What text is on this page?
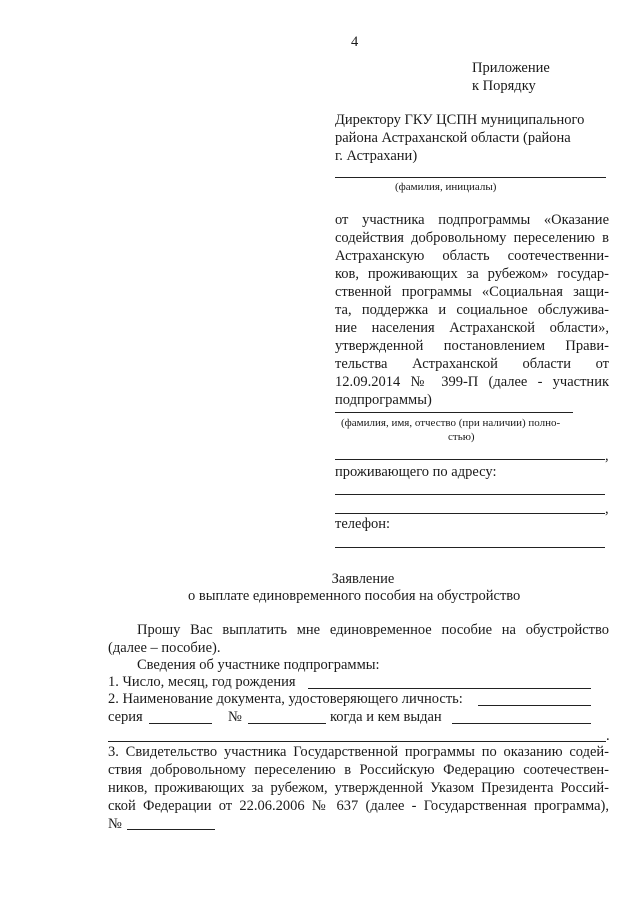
4
Приложение
к Порядку
Директору ГКУ ЦСПН муниципального
района Астраханской области (района
г. Астрахани)
(фамилия, инициалы)
от участника подпрограммы «Оказание
содействия добровольному переселению в
Астраханскую область соотечественни-
ков, проживающих за рубежом» государ-
ственной программы «Социальная защи-
та, поддержка и социальное обслужива-
ние населения Астраханской области»,
утвержденной постановлением Прави-
тельства Астраханской области от
12.09.2014 № 399-П (далее - участник
подпрограммы)
(фамилия, имя, отчество (при наличии) полно-
стью)
,
проживающего по адресу:
,
телефон:
Заявление
о выплате единовременного пособия на обустройство
Прошу Вас выплатить мне единовременное пособие на обустройство
(далее – пособие).
Сведения об участнике подпрограммы:
1. Число, месяц, год рождения
2. Наименование документа, удостоверяющего личность:
серия	№	когда и кем выдан
.
3. Свидетельство участника Государственной программы по оказанию содей-
ствия добровольному переселению в Российскую Федерацию соотечествен-
ников, проживающих за рубежом, утвержденной Указом Президента Россий-
ской Федерации от 22.06.2006 № 637 (далее - Государственная программа),
№
